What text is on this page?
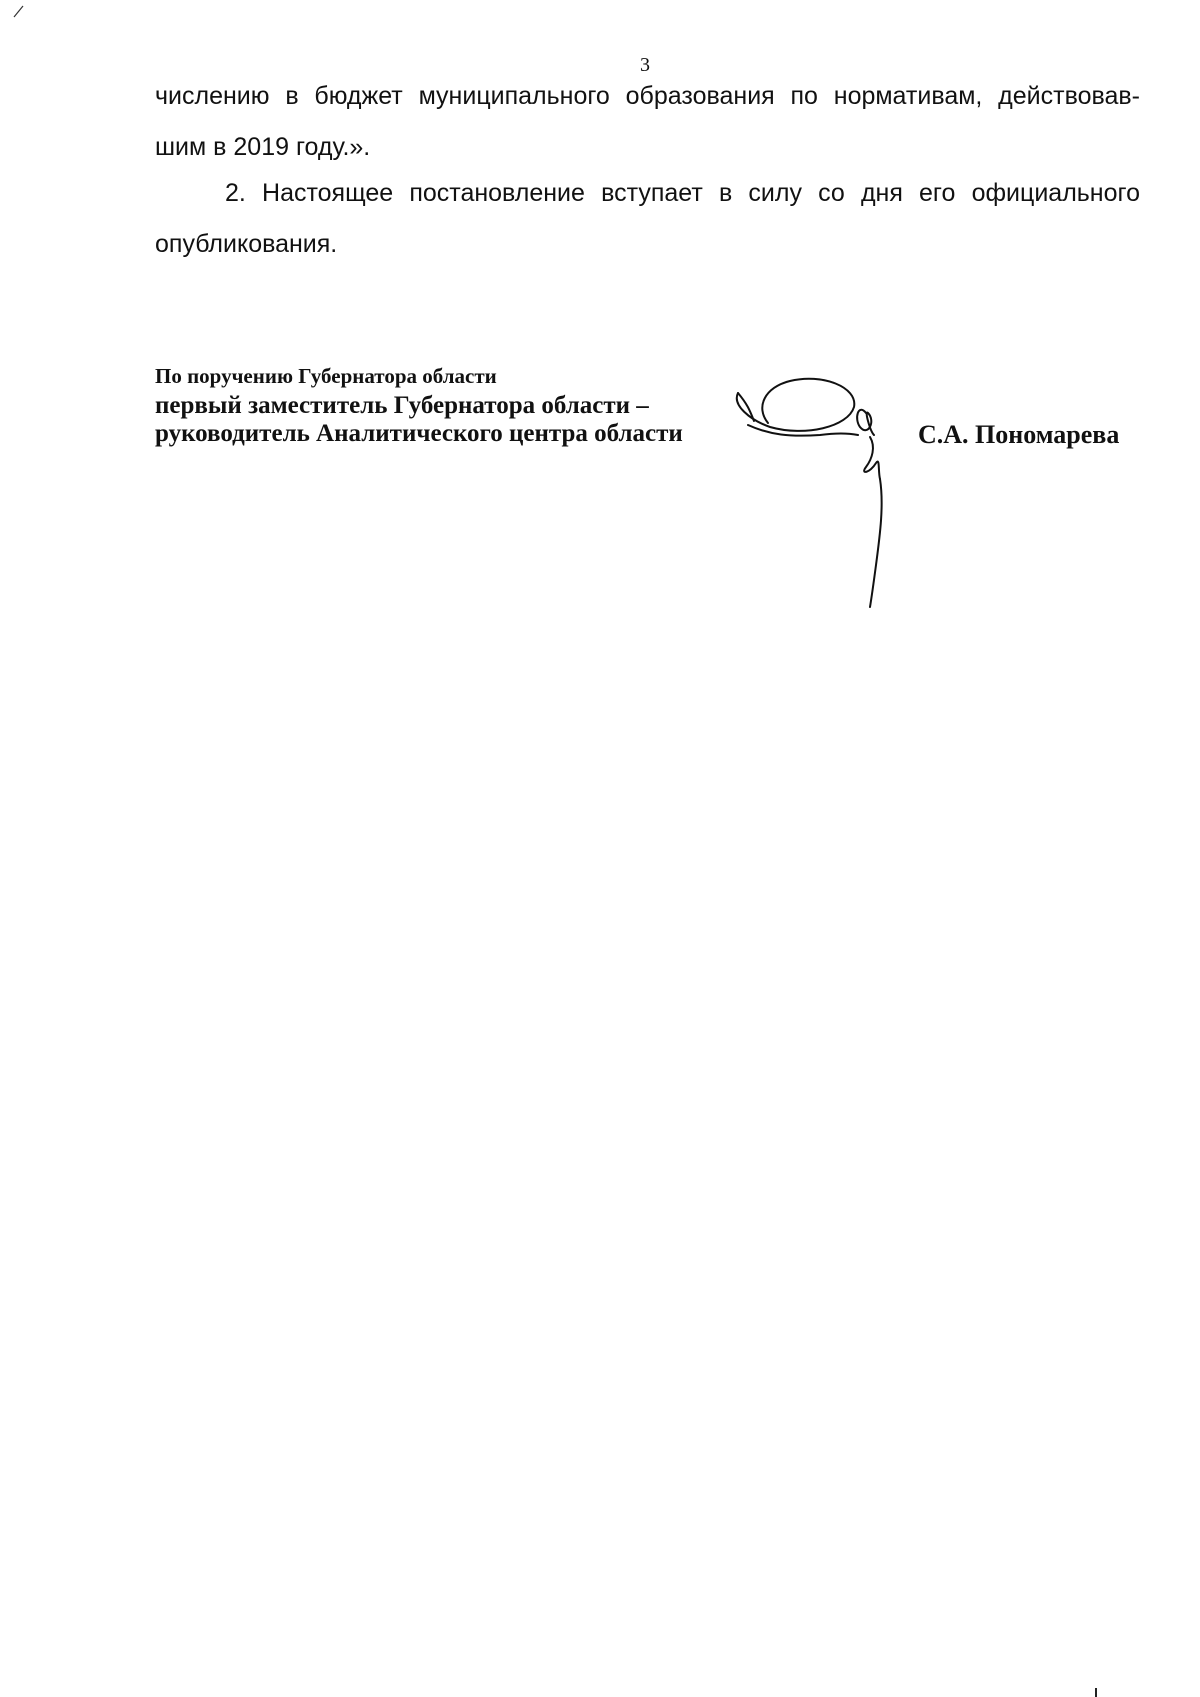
3
числению в бюджет муниципального образования по нормативам, действовав-
шим в 2019 году.».
2. Настоящее постановление вступает в силу со дня его официального
опубликования.
По поручению Губернатора области
первый заместитель Губернатора области –
руководитель Аналитического центра области	С.А. Пономарева
